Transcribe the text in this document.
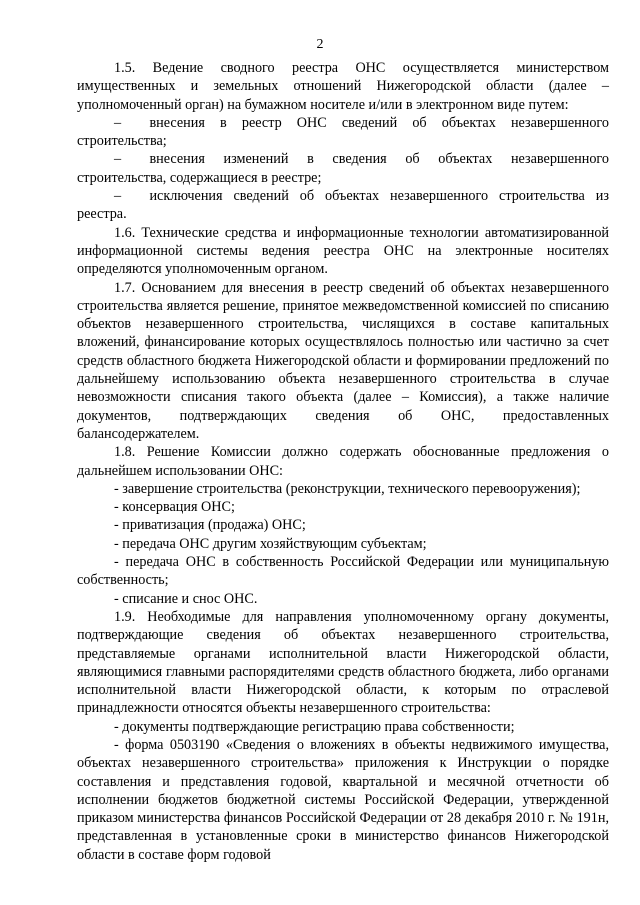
2

1.5. Ведение сводного реестра ОНС осуществляется министерством имущественных и земельных отношений Нижегородской области (далее – уполномоченный орган) на бумажном носителе и/или в электронном виде путем:

–  внесения в реестр ОНС сведений об объектах незавершенного строительства;

–  внесения изменений в сведения об объектах незавершенного строительства, содержащиеся в реестре;

–  исключения сведений об объектах незавершенного строительства из реестра.

1.6. Технические средства и информационные технологии автоматизированной информационной системы ведения реестра ОНС на электронные носителях определяются уполномоченным органом.

1.7. Основанием для внесения в реестр сведений об объектах незавершенного строительства является решение, принятое межведомственной комиссией по списанию объектов незавершенного строительства, числящихся в составе капитальных вложений, финансирование которых осуществлялось полностью или частично за счет средств областного бюджета Нижегородской области и формировании предложений по дальнейшему использованию объекта незавершенного строительства в случае невозможности списания такого объекта (далее – Комиссия), а также наличие документов, подтверждающих сведения об ОНС, предоставленных балансодержателем.

1.8. Решение Комиссии должно содержать обоснованные предложения о дальнейшем использовании ОНС:

- завершение строительства (реконструкции, технического перевооружения);

- консервация ОНС;

- приватизация (продажа) ОНС;

- передача ОНС другим хозяйствующим субъектам;

- передача ОНС в собственность Российской Федерации или муниципальную собственность;

- списание и снос ОНС.

1.9. Необходимые для направления уполномоченному органу документы, подтверждающие сведения об объектах незавершенного строительства, представляемые органами исполнительной власти Нижегородской области, являющимися главными распорядителями средств областного бюджета, либо органами исполнительной власти Нижегородской области, к которым по отраслевой принадлежности относятся объекты незавершенного строительства:

- документы подтверждающие регистрацию права собственности;

- форма 0503190 «Сведения о вложениях в объекты недвижимого имущества, объектах незавершенного строительства» приложения к Инструкции о порядке составления и представления годовой, квартальной и месячной отчетности об исполнении бюджетов бюджетной системы Российской Федерации, утвержденной приказом министерства финансов Российской Федерации от 28 декабря 2010 г. № 191н, представленная в установленные сроки в министерство финансов Нижегородской области в составе форм годовой
